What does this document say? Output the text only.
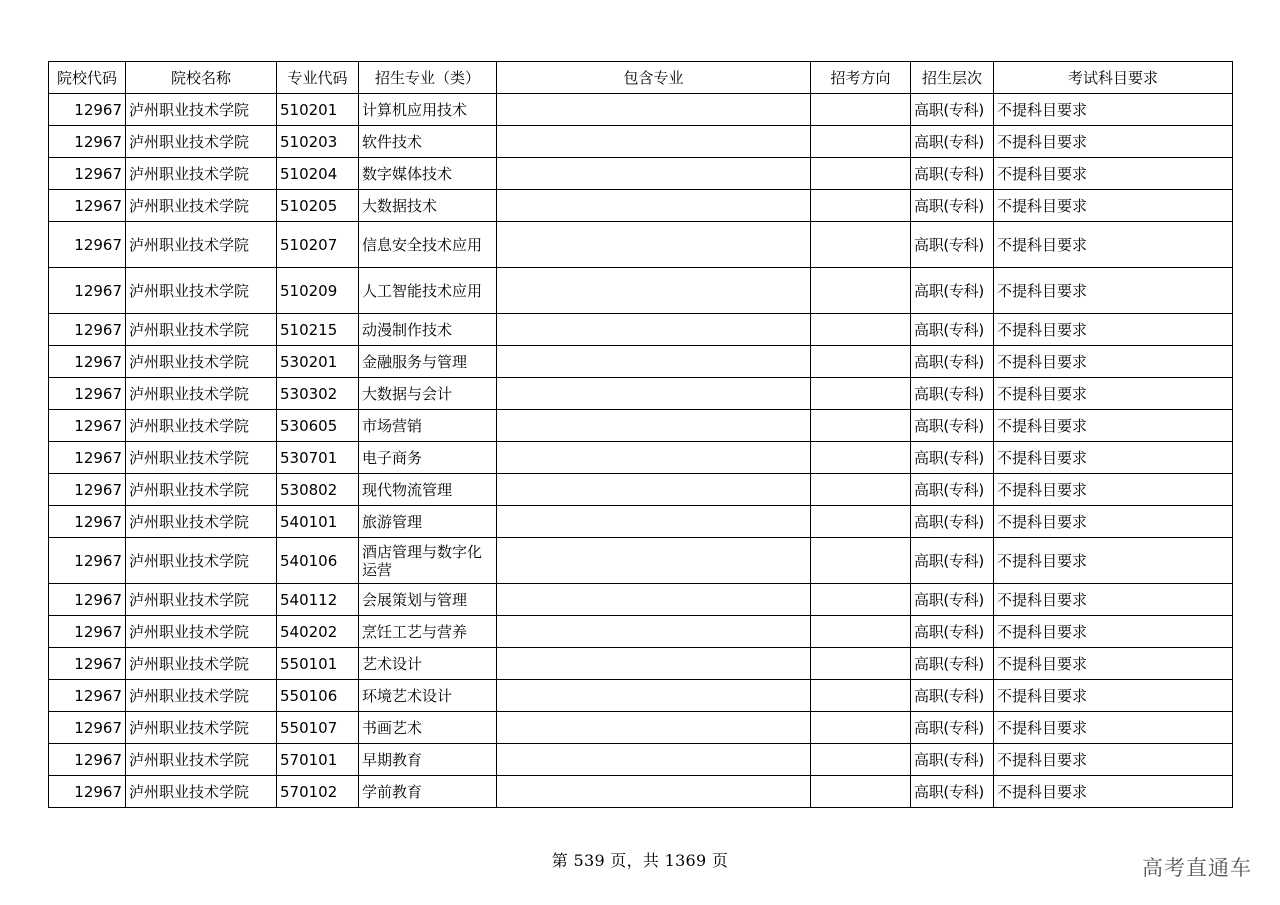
院校代码	院校名称	专业代码	招生专业（类）	包含专业	招考方向	招生层次	考试科目要求
12967	泸州职业技术学院	510201	计算机应用技术			高职(专科)	不提科目要求
12967	泸州职业技术学院	510203	软件技术			高职(专科)	不提科目要求
12967	泸州职业技术学院	510204	数字媒体技术			高职(专科)	不提科目要求
12967	泸州职业技术学院	510205	大数据技术			高职(专科)	不提科目要求
12967	泸州职业技术学院	510207	信息安全技术应用			高职(专科)	不提科目要求
12967	泸州职业技术学院	510209	人工智能技术应用			高职(专科)	不提科目要求
12967	泸州职业技术学院	510215	动漫制作技术			高职(专科)	不提科目要求
12967	泸州职业技术学院	530201	金融服务与管理			高职(专科)	不提科目要求
12967	泸州职业技术学院	530302	大数据与会计			高职(专科)	不提科目要求
12967	泸州职业技术学院	530605	市场营销			高职(专科)	不提科目要求
12967	泸州职业技术学院	530701	电子商务			高职(专科)	不提科目要求
12967	泸州职业技术学院	530802	现代物流管理			高职(专科)	不提科目要求
12967	泸州职业技术学院	540101	旅游管理			高职(专科)	不提科目要求
12967	泸州职业技术学院	540106	酒店管理与数字化运营			高职(专科)	不提科目要求
12967	泸州职业技术学院	540112	会展策划与管理			高职(专科)	不提科目要求
12967	泸州职业技术学院	540202	烹饪工艺与营养			高职(专科)	不提科目要求
12967	泸州职业技术学院	550101	艺术设计			高职(专科)	不提科目要求
12967	泸州职业技术学院	550106	环境艺术设计			高职(专科)	不提科目要求
12967	泸州职业技术学院	550107	书画艺术			高职(专科)	不提科目要求
12967	泸州职业技术学院	570101	早期教育			高职(专科)	不提科目要求
12967	泸州职业技术学院	570102	学前教育			高职(专科)	不提科目要求
第 539 页，共 1369 页	高考直通车
